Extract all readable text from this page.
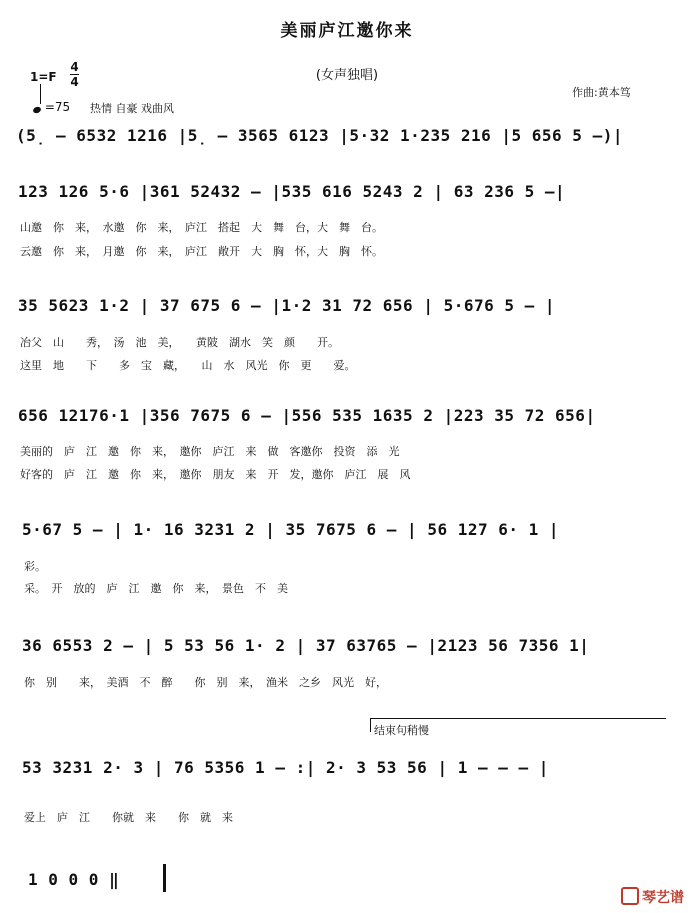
美丽庐江邀你来
(女声独唱)
作曲:黄本笃
1=F
4
4
=75 热情 自豪 戏曲风
(5̣ — 6532 1216 |5̣ — 3565 6123 |5·32 1·235 216 |5 656 5 —)|
123 126 5·6 |361 52432 — |535 616 5243 2 | 63 236 5 —|
山邀　你　来，　水邀　你　来，　庐江　搭起　大　舞　台，大　舞　台。
云邀　你　来，　月邀　你　来，　庐江　敞开　大　胸　怀，大　胸　怀。
35 5623 1·2 | 37 675 6 — |1·2 31 72 656 | 5·676 5 — |
冶父　山　　秀，　汤　池　美，　　黄陂　湖水　笑　颜　　开。
这里　地　　下　　多　宝　藏，　　山　水　风光　你　更　　爱。
656 12176·1 |356 7675 6 — |556 535 1635 2 |223 35 72 656|
美丽的　庐　江　邀　你　来，　邀你　庐江　来　做　客邀你　投资　添　光
好客的　庐　江　邀　你　来，　邀你　朋友　来　开　发，邀你　庐江　展　风
5·67 5 — | 1· 16 3231 2 | 35 7675 6 — | 56 127 6· 1 |
彩。
采。　开　放的　庐　江　邀　你　来，　景色　不　美
36 6553 2 — | 5 53 56 1· 2 | 37 63765 — |2123 56 7356 1|
你　别　　来，　美酒　不　醉　　你　别　来，　渔米　之乡　风光　好，
结束句稍慢
53 3231 2· 3 | 76 5356 1 — :| 2· 3 53 56 | 1 — — — |
爱上　庐　江　　你就　来　　你　就　来
1 0 0 0 ‖
琴艺谱
